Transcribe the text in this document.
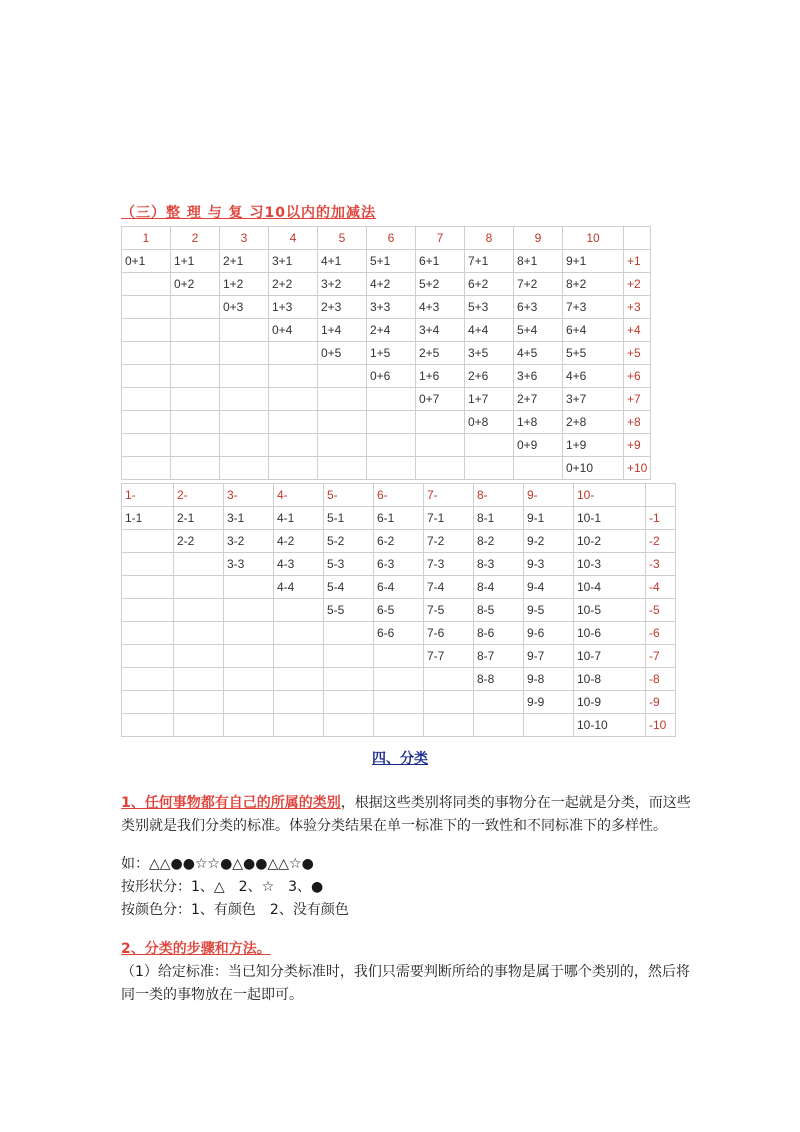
（三）整 理 与 复 习10以内的加减法
1	2	3	4	5	6	7	8	9	10	
0+1	1+1	2+1	3+1	4+1	5+1	6+1	7+1	8+1	9+1	+1
	0+2	1+2	2+2	3+2	4+2	5+2	6+2	7+2	8+2	+2
		0+3	1+3	2+3	3+3	4+3	5+3	6+3	7+3	+3
			0+4	1+4	2+4	3+4	4+4	5+4	6+4	+4
				0+5	1+5	2+5	3+5	4+5	5+5	+5
					0+6	1+6	2+6	3+6	4+6	+6
						0+7	1+7	2+7	3+7	+7
							0+8	1+8	2+8	+8
								0+9	1+9	+9
									0+10	+10
1-	2-	3-	4-	5-	6-	7-	8-	9-	10-	
1-1	2-1	3-1	4-1	5-1	6-1	7-1	8-1	9-1	10-1	-1
	2-2	3-2	4-2	5-2	6-2	7-2	8-2	9-2	10-2	-2
		3-3	4-3	5-3	6-3	7-3	8-3	9-3	10-3	-3
			4-4	5-4	6-4	7-4	8-4	9-4	10-4	-4
				5-5	6-5	7-5	8-5	9-5	10-5	-5
					6-6	7-6	8-6	9-6	10-6	-6
						7-7	8-7	9-7	10-7	-7
							8-8	9-8	10-8	-8
								9-9	10-9	-9
									10-10	-10
四、分类
1、任何事物都有自己的所属的类别，根据这些类别将同类的事物分在一起就是分类，而这些类别就是我们分类的标准。体验分类结果在单一标准下的一致性和不同标准下的多样性。
如：△△●●☆☆●△●●△△☆●
按形状分：1、△　2、☆　3、●
按颜色分：1、有颜色　2、没有颜色
2、分类的步骤和方法。
（1）给定标准：当已知分类标准时，我们只需要判断所给的事物是属于哪个类别的，然后将同一类的事物放在一起即可。
